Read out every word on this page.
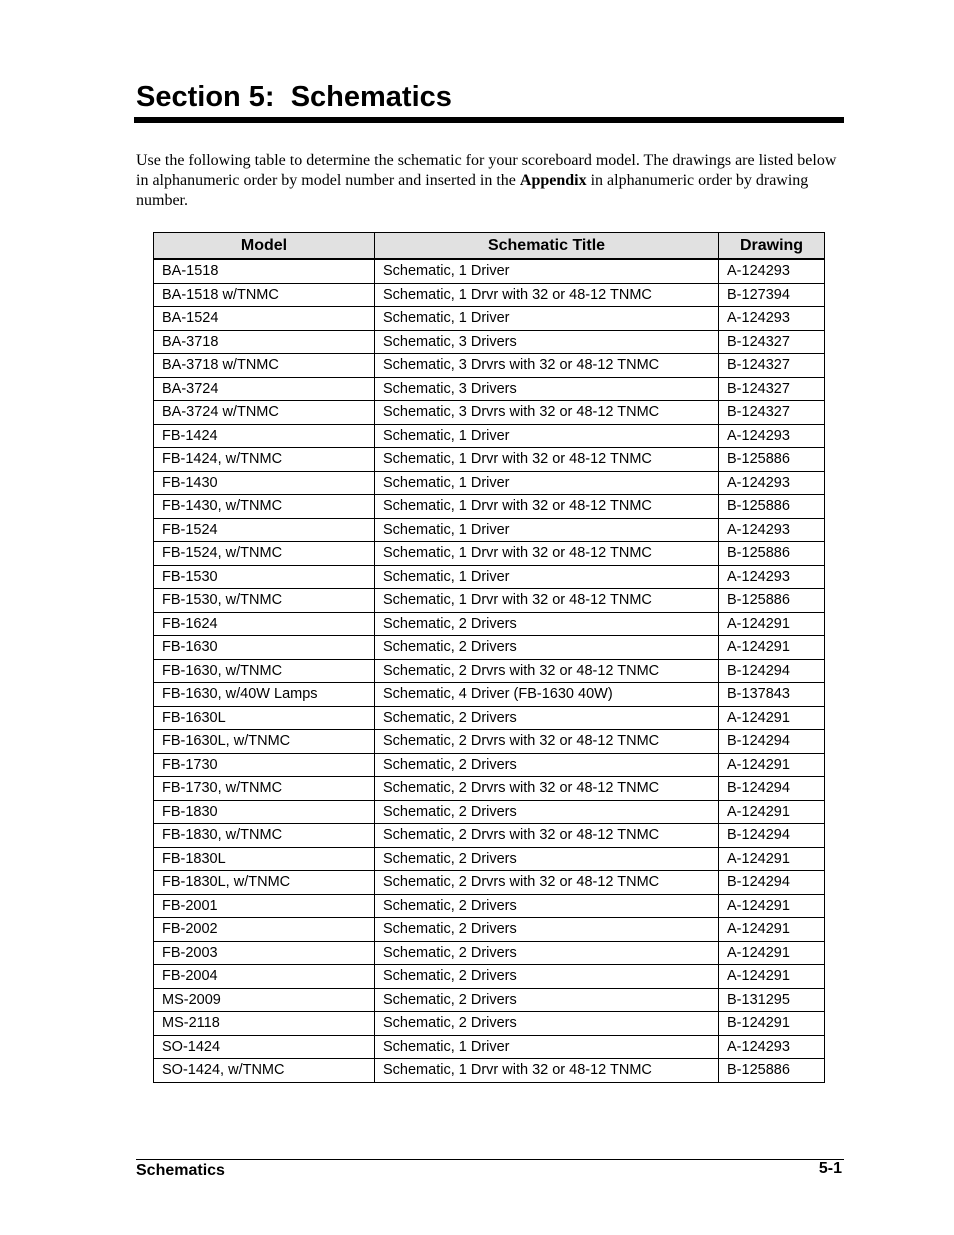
Section 5:  Schematics

Use the following table to determine the schematic for your scoreboard model. The drawings are listed below in alphanumeric order by model number and inserted in the Appendix in alphanumeric order by drawing number.

Model	Schematic Title	Drawing
BA-1518	Schematic, 1 Driver	A-124293
BA-1518 w/TNMC	Schematic, 1 Drvr with 32 or 48-12 TNMC	B-127394
BA-1524	Schematic, 1 Driver	A-124293
BA-3718	Schematic, 3 Drivers	B-124327
BA-3718 w/TNMC	Schematic, 3 Drvrs with 32 or 48-12 TNMC	B-124327
BA-3724	Schematic, 3 Drivers	B-124327
BA-3724 w/TNMC	Schematic, 3 Drvrs with 32 or 48-12 TNMC	B-124327
FB-1424	Schematic, 1 Driver	A-124293
FB-1424, w/TNMC	Schematic, 1 Drvr with 32 or 48-12 TNMC	B-125886
FB-1430	Schematic, 1 Driver	A-124293
FB-1430, w/TNMC	Schematic, 1 Drvr with 32 or 48-12 TNMC	B-125886
FB-1524	Schematic, 1 Driver	A-124293
FB-1524, w/TNMC	Schematic, 1 Drvr with 32 or 48-12 TNMC	B-125886
FB-1530	Schematic, 1 Driver	A-124293
FB-1530, w/TNMC	Schematic, 1 Drvr with 32 or 48-12 TNMC	B-125886
FB-1624	Schematic, 2 Drivers	A-124291
FB-1630	Schematic, 2 Drivers	A-124291
FB-1630, w/TNMC	Schematic, 2 Drvrs with 32 or 48-12 TNMC	B-124294
FB-1630, w/40W Lamps	Schematic, 4 Driver (FB-1630 40W)	B-137843
FB-1630L	Schematic, 2 Drivers	A-124291
FB-1630L, w/TNMC	Schematic, 2 Drvrs with 32 or 48-12 TNMC	B-124294
FB-1730	Schematic, 2 Drivers	A-124291
FB-1730, w/TNMC	Schematic, 2 Drvrs with 32 or 48-12 TNMC	B-124294
FB-1830	Schematic, 2 Drivers	A-124291
FB-1830, w/TNMC	Schematic, 2 Drvrs with 32 or 48-12 TNMC	B-124294
FB-1830L	Schematic, 2 Drivers	A-124291
FB-1830L, w/TNMC	Schematic, 2 Drvrs with 32 or 48-12 TNMC	B-124294
FB-2001	Schematic, 2 Drivers	A-124291
FB-2002	Schematic, 2 Drivers	A-124291
FB-2003	Schematic, 2 Drivers	A-124291
FB-2004	Schematic, 2 Drivers	A-124291
MS-2009	Schematic, 2 Drivers	B-131295
MS-2118	Schematic, 2 Drivers	B-124291
SO-1424	Schematic, 1 Driver	A-124293
SO-1424, w/TNMC	Schematic, 1 Drvr with 32 or 48-12 TNMC	B-125886
Schematics	5-1
